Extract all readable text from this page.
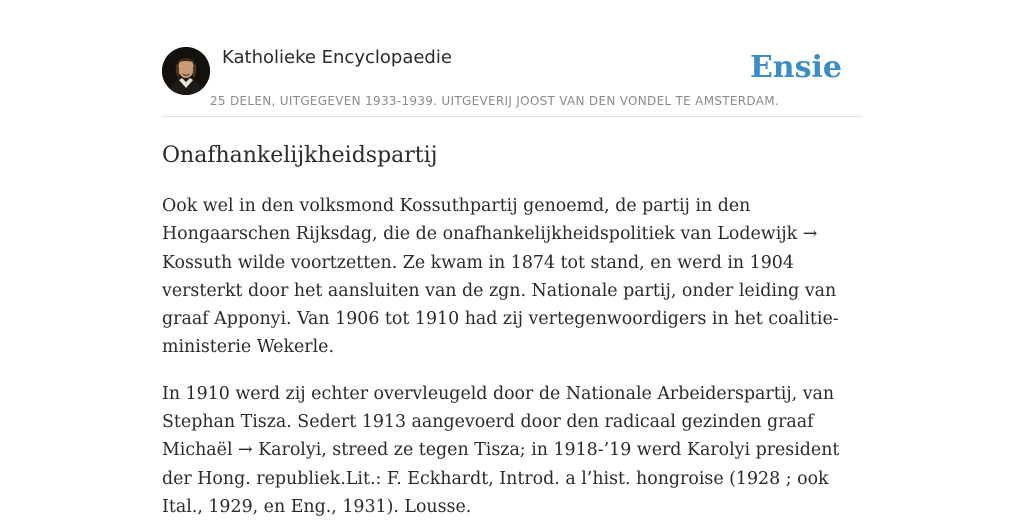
Katholieke Encyclopaedie	Ensie
25 DELEN, UITGEGEVEN 1933-1939. UITGEVERIJ JOOST VAN DEN VONDEL TE AMSTERDAM.
Onafhankelijkheidspartij

Ook wel in den volksmond Kossuthpartij genoemd, de partij in den Hongaarschen Rijksdag, die de onafhankelijkheidspolitiek van Lodewijk → Kossuth wilde voortzetten. Ze kwam in 1874 tot stand, en werd in 1904 versterkt door het aansluiten van de zgn. Nationale partij, onder leiding van graaf Apponyi. Van 1906 tot 1910 had zij vertegenwoordigers in het coalitie-ministerie Wekerle.

In 1910 werd zij echter overvleugeld door de Nationale Arbeiderspartij, van Stephan Tisza. Sedert 1913 aangevoerd door den radicaal gezinden graaf Michaël → Karolyi, streed ze tegen Tisza; in 1918-’19 werd Karolyi president der Hong. republiek.Lit.: F. Eckhardt, Introd. a l’hist. hongroise (1928 ; ook Ital., 1929, en Eng., 1931). Lousse.
